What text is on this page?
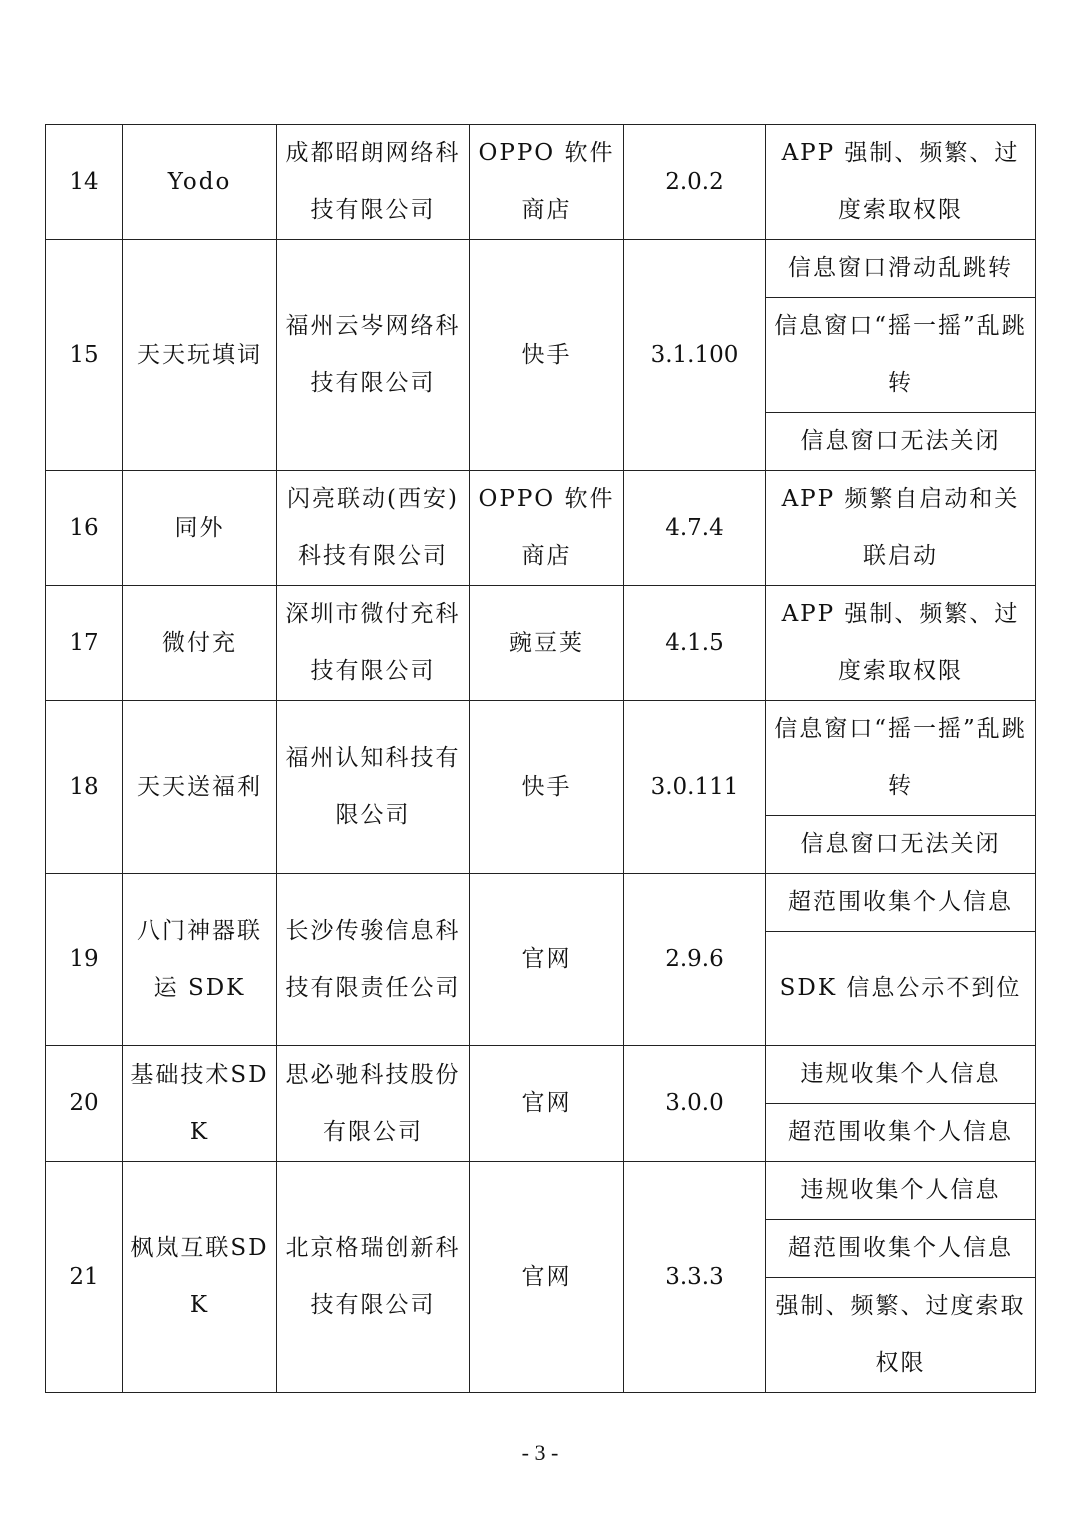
14	Yodo	成都昭朗网络科技有限公司	OPPO 软件商店	2.0.2	APP 强制、频繁、过度索取权限
15	天天玩填词	福州云岑网络科技有限公司	快手	3.1.100	信息窗口滑动乱跳转
					信息窗口“摇一摇”乱跳转
					信息窗口无法关闭
16	同外	闪亮联动(西安)科技有限公司	OPPO 软件商店	4.7.4	APP 频繁自启动和关联启动
17	微付充	深圳市微付充科技有限公司	豌豆荚	4.1.5	APP 强制、频繁、过度索取权限
18	天天送福利	福州认知科技有限公司	快手	3.0.111	信息窗口“摇一摇”乱跳转
					信息窗口无法关闭
19	八门神器联运 SDK	长沙传骏信息科技有限责任公司	官网	2.9.6	超范围收集个人信息
					SDK 信息公示不到位
20	基础技术SDK	思必驰科技股份有限公司	官网	3.0.0	违规收集个人信息
					超范围收集个人信息
21	枫岚互联SDK	北京格瑞创新科技有限公司	官网	3.3.3	违规收集个人信息
					超范围收集个人信息
					强制、频繁、过度索取权限
- 3 -
